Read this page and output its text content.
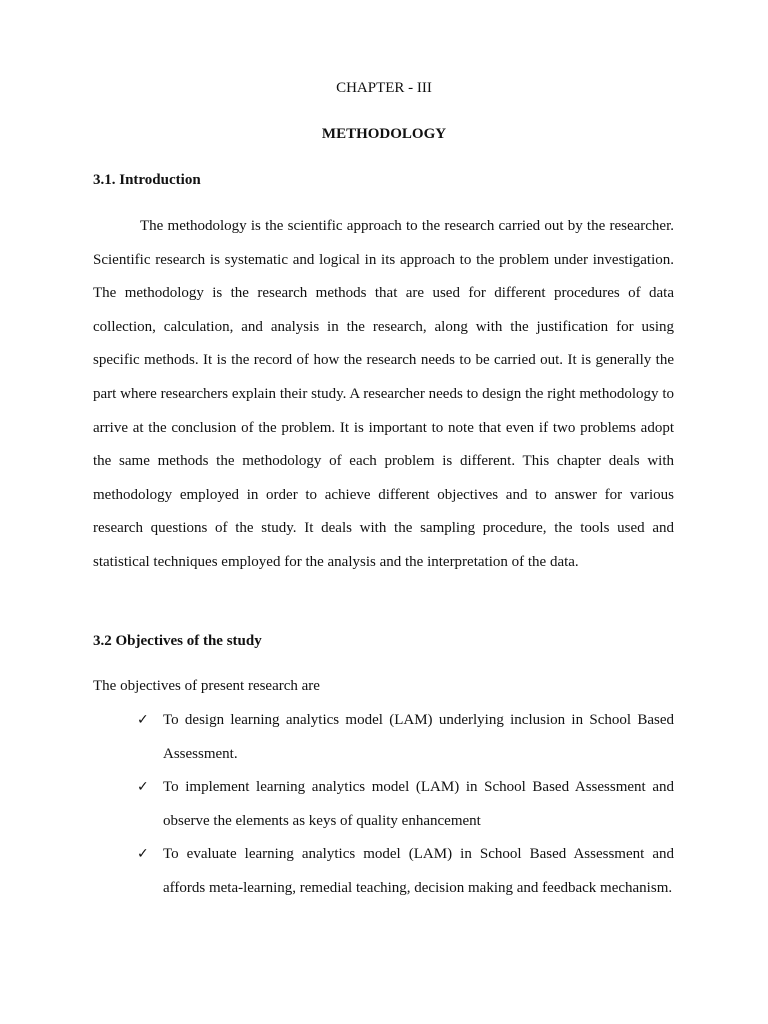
CHAPTER - III
METHODOLOGY
3.1. Introduction

The methodology is the scientific approach to the research carried out by the researcher. Scientific research is systematic and logical in its approach to the problem under investigation. The methodology is the research methods that are used for different procedures of data collection, calculation, and analysis in the research, along with the justification for using specific methods. It is the record of how the research needs to be carried out. It is generally the part where researchers explain their study. A researcher needs to design the right methodology to arrive at the conclusion of the problem. It is important to note that even if two problems adopt the same methods the methodology of each problem is different. This chapter deals with methodology employed in order to achieve different objectives and to answer for various research questions of the study. It deals with the sampling procedure, the tools used and statistical techniques employed for the analysis and the interpretation of the data.

3.2 Objectives of the study
The objectives of present research are
✓ To design learning analytics model (LAM) underlying inclusion in School Based Assessment.
✓ To implement learning analytics model (LAM) in School Based Assessment and observe the elements as keys of quality enhancement
✓ To evaluate learning analytics model (LAM) in School Based Assessment and affords meta-learning, remedial teaching, decision making and feedback mechanism.
